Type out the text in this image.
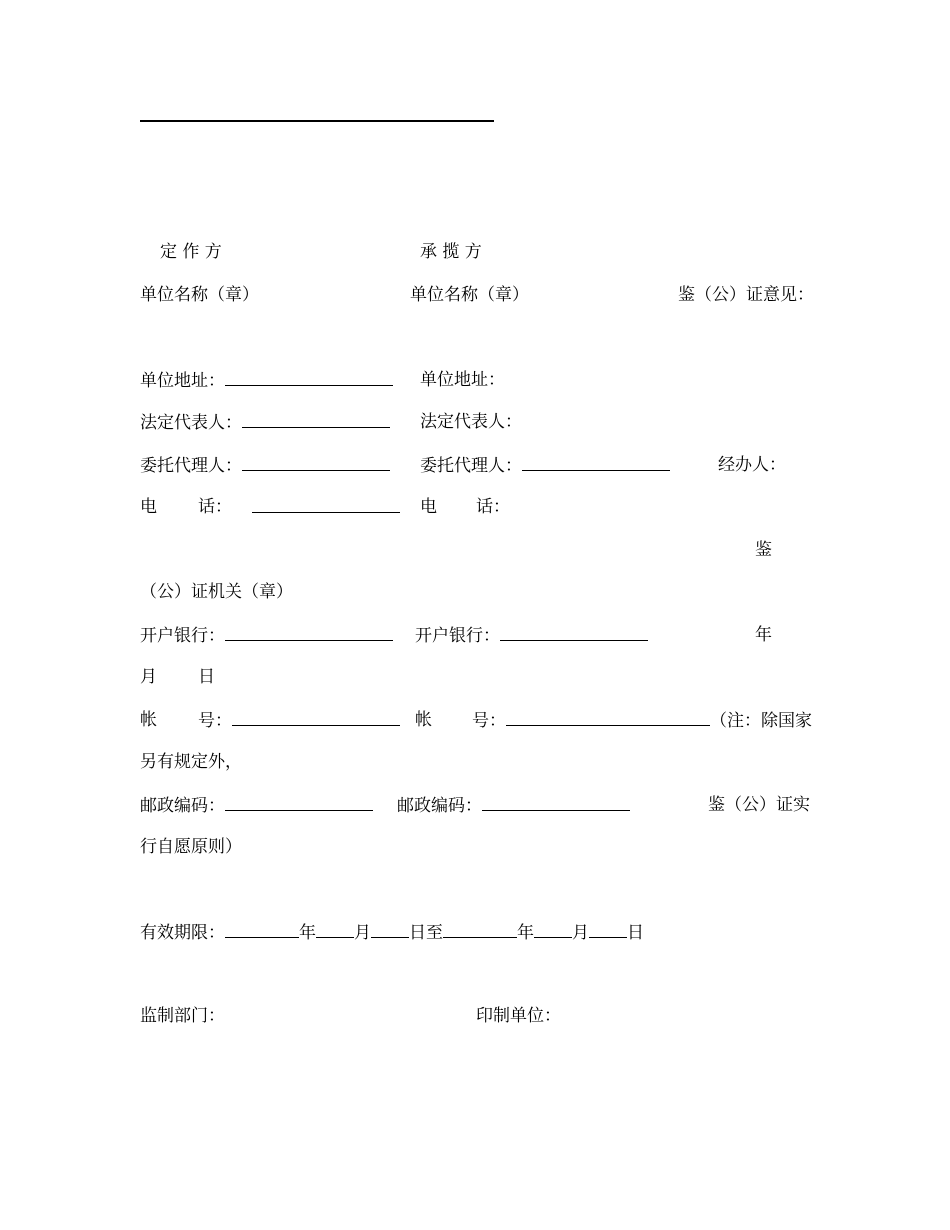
定 作 方	承 揽 方
单位名称（章）	单位名称（章）	鉴（公）证意见：
单位地址：	单位地址：
法定代表人：	法定代表人：
委托代理人：	委托代理人：	经办人：
电 话：	电 话：
鉴
（公）证机关（章）
开户银行：	开户银行：	年
月 日
帐 号：	帐 号：	（注：除国家
另有规定外，
邮政编码：	邮政编码：	鉴（公）证实
行自愿原则）
有效期限：	年 月 日至	年 月 日
监制部门：	印制单位：
